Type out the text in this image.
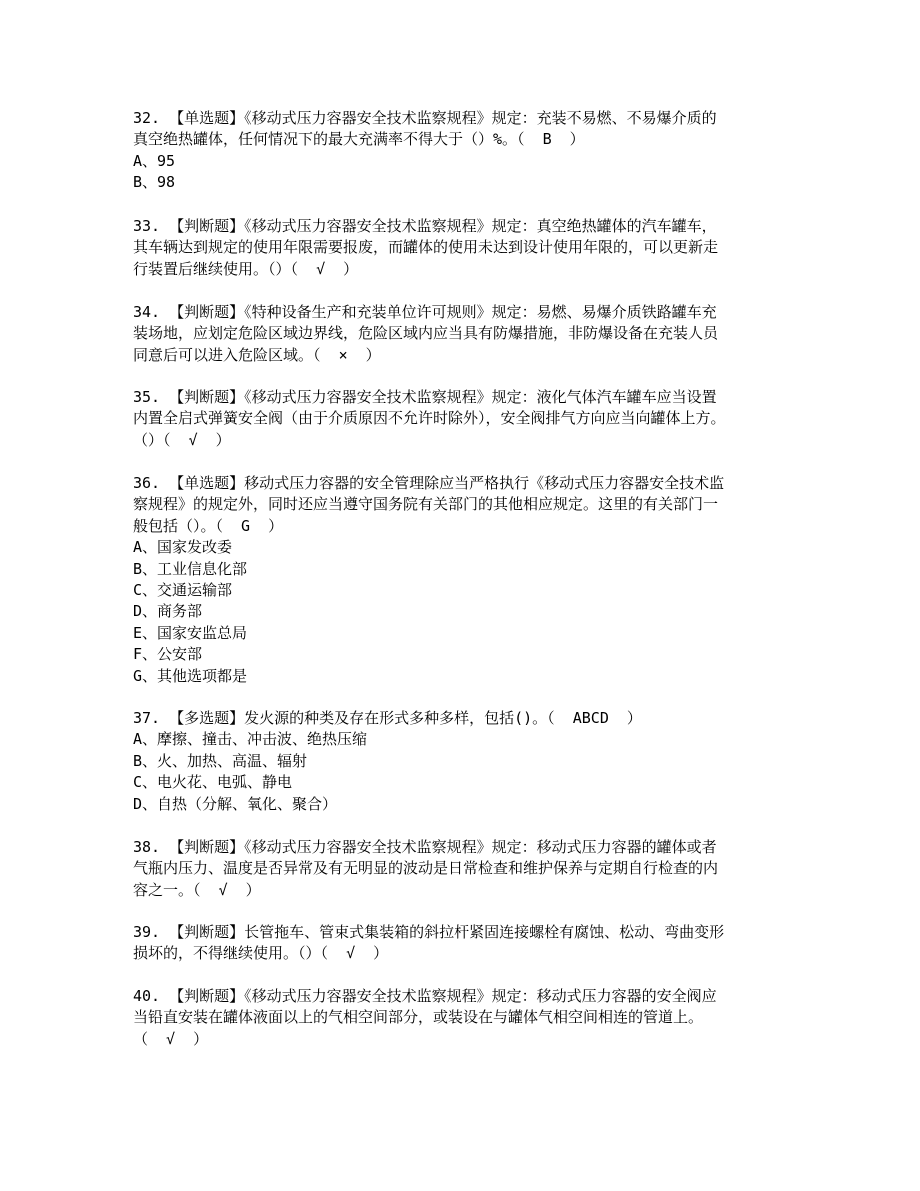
32. 【单选题】《移动式压力容器安全技术监察规程》规定：充装不易燃、不易爆介质的
真空绝热罐体，任何情况下的最大充满率不得大于（）%。（  B  ）
A、95
B、98
33. 【判断题】《移动式压力容器安全技术监察规程》规定：真空绝热罐体的汽车罐车，
其车辆达到规定的使用年限需要报废，而罐体的使用未达到设计使用年限的，可以更新走
行装置后继续使用。（）（  √  ）
34. 【判断题】《特种设备生产和充装单位许可规则》规定：易燃、易爆介质铁路罐车充
装场地，应划定危险区域边界线，危险区域内应当具有防爆措施，非防爆设备在充装人员
同意后可以进入危险区域。（  ×  ）
35. 【判断题】《移动式压力容器安全技术监察规程》规定：液化气体汽车罐车应当设置
内置全启式弹簧安全阀（由于介质原因不允许时除外），安全阀排气方向应当向罐体上方。
（）（  √  ）
36. 【单选题】移动式压力容器的安全管理除应当严格执行《移动式压力容器安全技术监
察规程》的规定外，同时还应当遵守国务院有关部门的其他相应规定。这里的有关部门一
般包括（）。（  G  ）
A、国家发改委
B、工业信息化部
C、交通运输部
D、商务部
E、国家安监总局
F、公安部
G、其他选项都是
37. 【多选题】发火源的种类及存在形式多种多样，包括()。（  ABCD  ）
A、摩擦、撞击、冲击波、绝热压缩
B、火、加热、高温、辐射
C、电火花、电弧、静电
D、自热（分解、氧化、聚合）
38. 【判断题】《移动式压力容器安全技术监察规程》规定：移动式压力容器的罐体或者
气瓶内压力、温度是否异常及有无明显的波动是日常检查和维护保养与定期自行检查的内
容之一。（  √  ）
39. 【判断题】长管拖车、管束式集装箱的斜拉杆紧固连接螺栓有腐蚀、松动、弯曲变形
损坏的，不得继续使用。（）（  √  ）
40. 【判断题】《移动式压力容器安全技术监察规程》规定：移动式压力容器的安全阀应
当铅直安装在罐体液面以上的气相空间部分，或装设在与罐体气相空间相连的管道上。
（  √  ）
